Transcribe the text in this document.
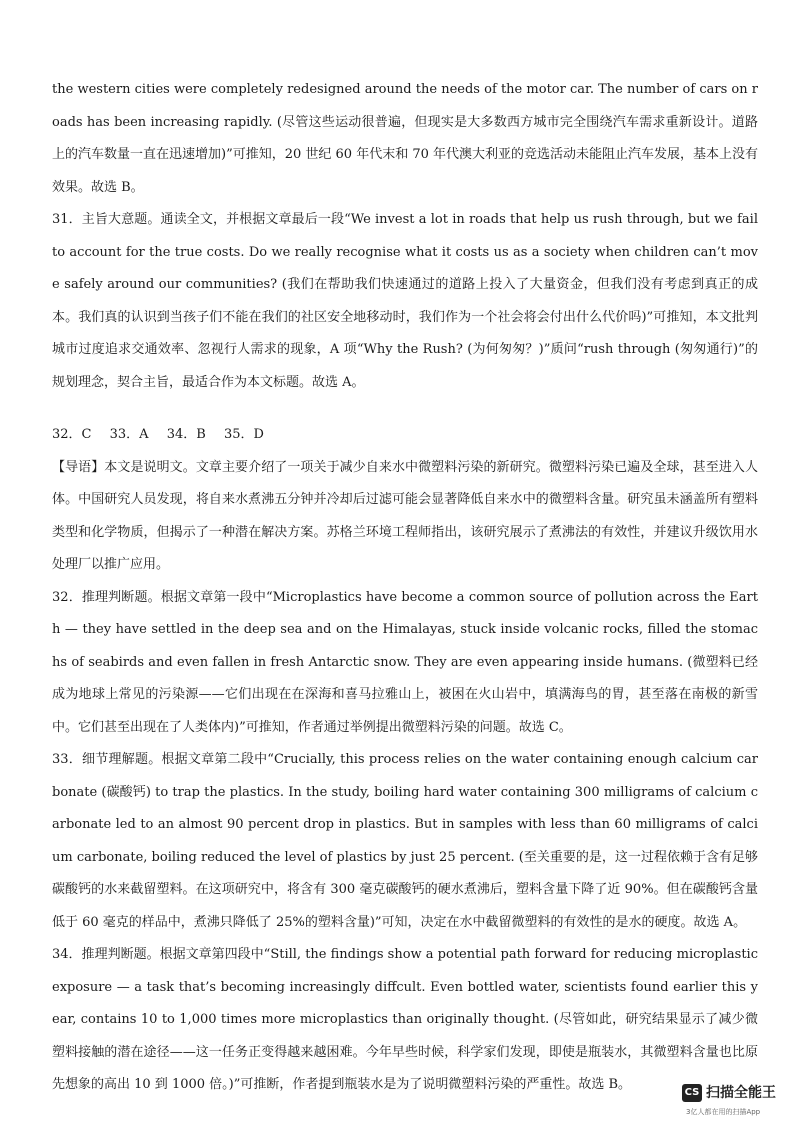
the western cities were completely redesigned around the needs of the motor car. The number of cars on roads has been increasing rapidly. (尽管这些运动很普遍，但现实是大多数西方城市完全围绕汽车需求重新设计。道路上的汽车数量一直在迅速增加)”可推知，20 世纪 60 年代末和 70 年代澳大利亚的竞选活动未能阻止汽车发展，基本上没有效果。故选 B。

31．主旨大意题。通读全文，并根据文章最后一段“We invest a lot in roads that help us rush through, but we fail to account for the true costs. Do we really recognise what it costs us as a society when children can’t move safely around our communities? (我们在帮助我们快速通过的道路上投入了大量资金，但我们没有考虑到真正的成本。我们真的认识到当孩子们不能在我们的社区安全地移动时，我们作为一个社会将会付出什么代价吗)”可推知，本文批判城市过度追求交通效率、忽视行人需求的现象，A 项“Why the Rush? (为何匆匆？)”质问“rush through (匆匆通行)”的规划理念，契合主旨，最适合作为本文标题。故选 A。

32．C 33．A 34．B 35．D

【导语】本文是说明文。文章主要介绍了一项关于减少自来水中微塑料污染的新研究。微塑料污染已遍及全球，甚至进入人体。中国研究人员发现，将自来水煮沸五分钟并冷却后过滤可能会显著降低自来水中的微塑料含量。研究虽未涵盖所有塑料类型和化学物质，但揭示了一种潜在解决方案。苏格兰环境工程师指出，该研究展示了煮沸法的有效性，并建议升级饮用水处理厂以推广应用。

32．推理判断题。根据文章第一段中“Microplastics have become a common source of pollution across the Earth — they have settled in the deep sea and on the Himalayas, stuck inside volcanic rocks, filled the stomachs of seabirds and even fallen in fresh Antarctic snow. They are even appearing inside humans. (微塑料已经成为地球上常见的污染源——它们出现在在深海和喜马拉雅山上，被困在火山岩中，填满海鸟的胃，甚至落在南极的新雪中。它们甚至出现在了人类体内)”可推知，作者通过举例提出微塑料污染的问题。故选 C。

33．细节理解题。根据文章第二段中“Crucially, this process relies on the water containing enough calcium carbonate (碳酸钙) to trap the plastics. In the study, boiling hard water containing 300 milligrams of calcium carbonate led to an almost 90 percent drop in plastics. But in samples with less than 60 milligrams of calcium carbonate, boiling reduced the level of plastics by just 25 percent. (至关重要的是，这一过程依赖于含有足够碳酸钙的水来截留塑料。在这项研究中，将含有 300 毫克碳酸钙的硬水煮沸后，塑料含量下降了近 90%。但在碳酸钙含量低于 60 毫克的样品中，煮沸只降低了 25%的塑料含量)”可知，决定在水中截留微塑料的有效性的是水的硬度。故选 A。

34．推理判断题。根据文章第四段中“Still, the findings show a potential path forward for reducing microplastic exposure — a task that’s becoming increasingly diffcult. Even bottled water, scientists found earlier this year, contains 10 to 1,000 times more microplastics than originally thought. (尽管如此，研究结果显示了减少微塑料接触的潜在途径——这一任务正变得越来越困难。今年早些时候，科学家们发现，即使是瓶装水，其微塑料含量也比原先想象的高出 10 到 1000 倍。)”可推断，作者提到瓶装水是为了说明微塑料污染的严重性。故选 B。

CS 扫描全能王
3亿人都在用的扫描App
